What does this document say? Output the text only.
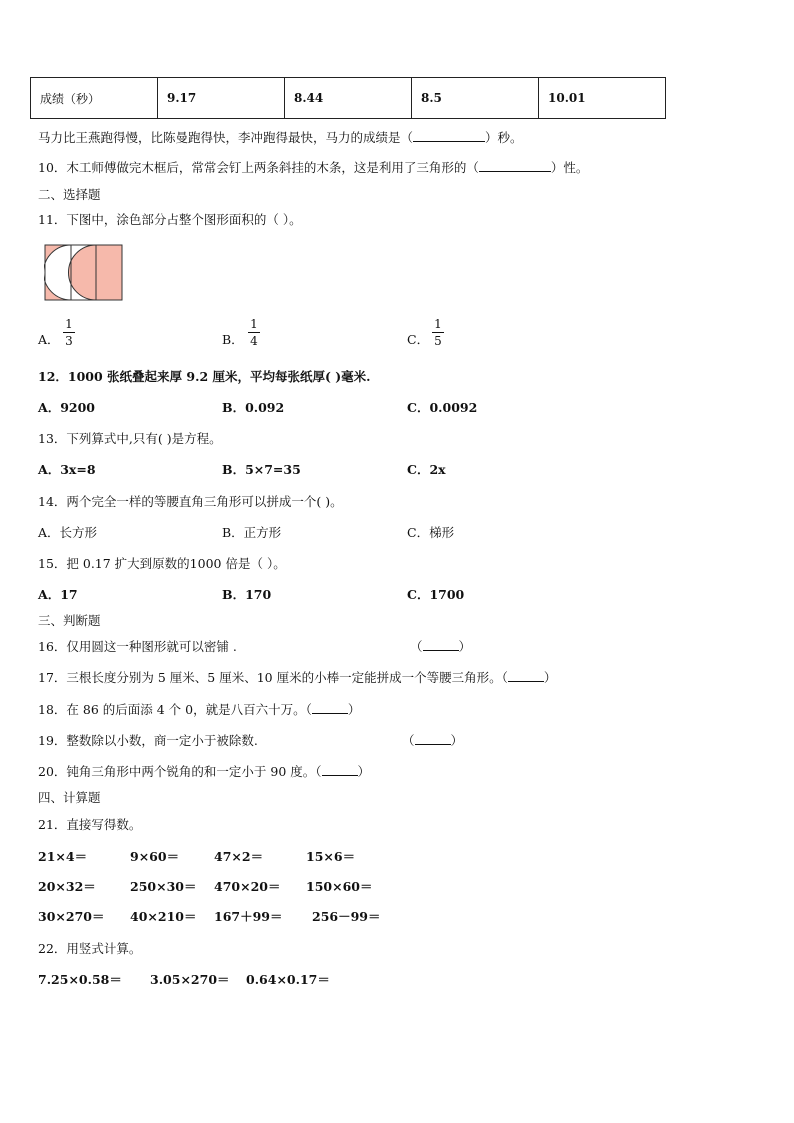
成绩（秒）	9.17	8.44	8.5	10.01
马力比王燕跑得慢，比陈曼跑得快，李冲跑得最快，马力的成绩是（	）秒。
10．木工师傅做完木框后，常常会钉上两条斜挂的木条，这是利用了三角形的（	）性。
二、选择题
11．下图中，涂色部分占整个图形面积的（ ）。
A．
1
3	B．
1
4	C．
1
5
12．1000 张纸叠起来厚 9.2 厘米，平均每张纸厚( )毫米.
A．9200	B．0.092	C．0.0092
13．下列算式中,只有( )是方程。
A．3x=8	B．5×7=35	C．2x
14．两个完全一样的等腰直角三角形可以拼成一个( )。
A．长方形	B．正方形	C．梯形
15．把 0.17 扩大到原数的1000 倍是（ ）。
A．17	B．170	C．1700
三、判断题
16．仅用圆这一种图形就可以密铺 .	（	）
17．三根长度分别为 5 厘米、5 厘米、10 厘米的小棒一定能拼成一个等腰三角形。（	）
18．在 86 的后面添 4 个 0，就是八百六十万。（	）
19．整数除以小数，商一定小于被除数.	（	）
20．钝角三角形中两个锐角的和一定小于 90 度。（	）
四、计算题
21．直接写得数。
21×4＝	9×60＝	47×2＝	15×6＝
20×32＝	250×30＝ 470×20＝ 150×60＝
30×270＝ 40×210＝ 167＋99＝ 256－99＝
22．用竖式计算。
7.25×0.58＝ 3.05×270＝ 0.64×0.17＝
